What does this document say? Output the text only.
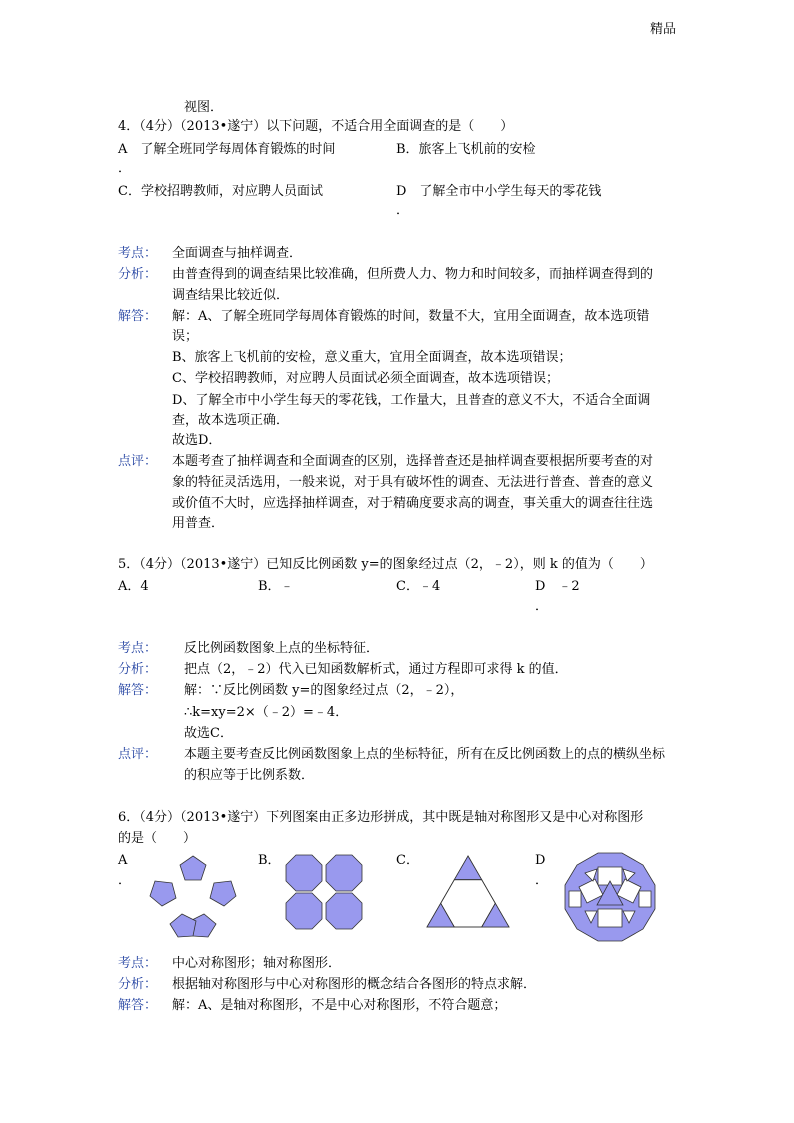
精品
视图．
4．（4分）（2013•遂宁）以下问题，不适合用全面调查的是（　　）
A　了解全班同学每周体育锻炼的时间	B．旅客上飞机前的安检
．
C．学校招聘教师，对应聘人员面试	D　了解全市中小学生每天的零花钱
．
考点： 全面调查与抽样调查．
分析： 由普查得到的调查结果比较准确，但所费人力、物力和时间较多，而抽样调查得到的
调查结果比较近似．
解答： 解：A、了解全班同学每周体育锻炼的时间，数量不大，宜用全面调查，故本选项错
误；
B、旅客上飞机前的安检，意义重大，宜用全面调查，故本选项错误；
C、学校招聘教师，对应聘人员面试必须全面调查，故本选项错误；
D、了解全市中小学生每天的零花钱，工作量大，且普查的意义不大，不适合全面调
查，故本选项正确．
故选D．
点评： 本题考查了抽样调查和全面调查的区别，选择普查还是抽样调查要根据所要考查的对
象的特征灵活选用，一般来说，对于具有破坏性的调查、无法进行普查、普查的意义
或价值不大时，应选择抽样调查，对于精确度要求高的调查，事关重大的调查往往选
用普查．
5．（4分）（2013•遂宁）已知反比例函数 y=的图象经过点（2，﹣2），则 k 的值为（　　）
A．4	B．﹣	C．﹣4	D　﹣2
．
考点： 反比例函数图象上点的坐标特征．
分析： 把点（2，﹣2）代入已知函数解析式，通过方程即可求得 k 的值．
解答： 解：∵反比例函数 y=的图象经过点（2，﹣2），
∴k=xy=2×（﹣2）=﹣4．
故选C．
点评： 本题主要考查反比例函数图象上点的坐标特征，所有在反比例函数上的点的横纵坐标
的积应等于比例系数．
6．（4分）（2013•遂宁）下列图案由正多边形拼成，其中既是轴对称图形又是中心对称图形
的是（　　）
A
．
B．	C．	D
．
考点： 中心对称图形；轴对称图形．
分析： 根据轴对称图形与中心对称图形的概念结合各图形的特点求解．
解答： 解：A、是轴对称图形，不是中心对称图形，不符合题意；
